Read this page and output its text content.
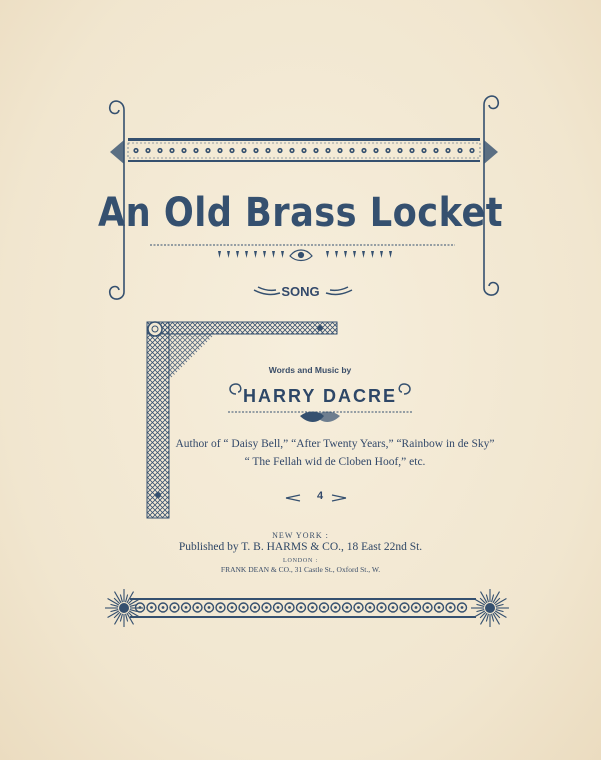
An Old Brass Locket
SONG
Words and Music by
HARRY DACRE
Author of “ Daisy Bell,” “After Twenty Years,” “Rainbow in de Sky”
“ The Fellah wid de Cloben Hoof,” etc.
4
NEW YORK :
Published by T. B. HARMS & CO., 18 East 22nd St.
LONDON :
FRANK DEAN & CO., 31 Castle St., Oxford St., W.
